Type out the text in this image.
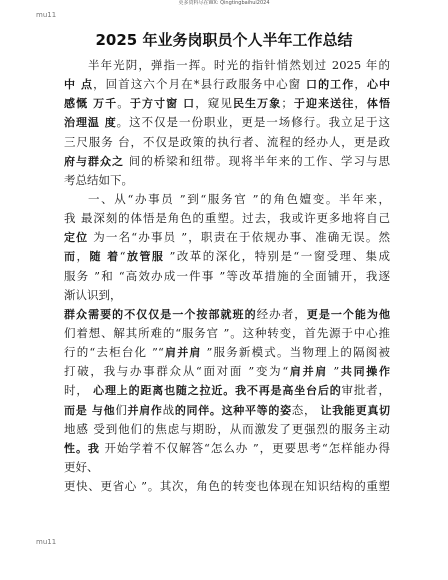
更多资料尽在WX: Qingtingbaihui2024
mu11
2025 年业务岗职员个人半年工作总结
半年光阴，弹指一挥。时光的指针悄然划过 2025 年的
中 点，回首这六个月在*县行政服务中心窗 口的工作，心中
感慨 万千。于方寸窗 口，窥见民生万象；于迎来送往，体悟
治理温 度。这不仅是一份职业，更是一场修行。我立足于这
三尺服务 台，不仅是政策的执行者、流程的经办人，更是政
府与群众之 间的桥梁和纽带。现将半年来的工作、学习与思
考总结如下。
一、从“办事员 ”到“服务官 ”的角色嬗变。半年来，
我 最深刻的体悟是角色的重塑。过去，我或许更多地将自己
定位 为一名“办事员 ”，职责在于依规办事、准确无误。然
而，随 着“放管服 ”改革的深化，特别是“一窗受理、集成
服务 ”和 “高效办成一件事 ”等改革措施的全面铺开，我逐
渐认识到，
群众需要的不仅仅是一个按部就班的经办者，更是一个能为他
们着想、解其所难的“服务官 ”。这种转变，首先源于中心推
行的“去柜台化 ”“肩并肩 ”服务新模式。当物理上的隔阂被
打破，我与办事群众从“面对面 ”变为“肩并肩 ”共同操作
时， 心理上的距离也随之拉近。我不再是高坐台后的审批者，
而是 与他们并肩作战的同伴。这种平等的姿态， 让我能更真切
地感 受到他们的焦虑与期盼，从而激发了更强烈的服务主动
性。我 开始学着不仅解答“怎么办 ”，更要思考“怎样能办得
更好、
更快、更省心 ”。其次，角色的转变也体现在知识结构的重塑
mu11
